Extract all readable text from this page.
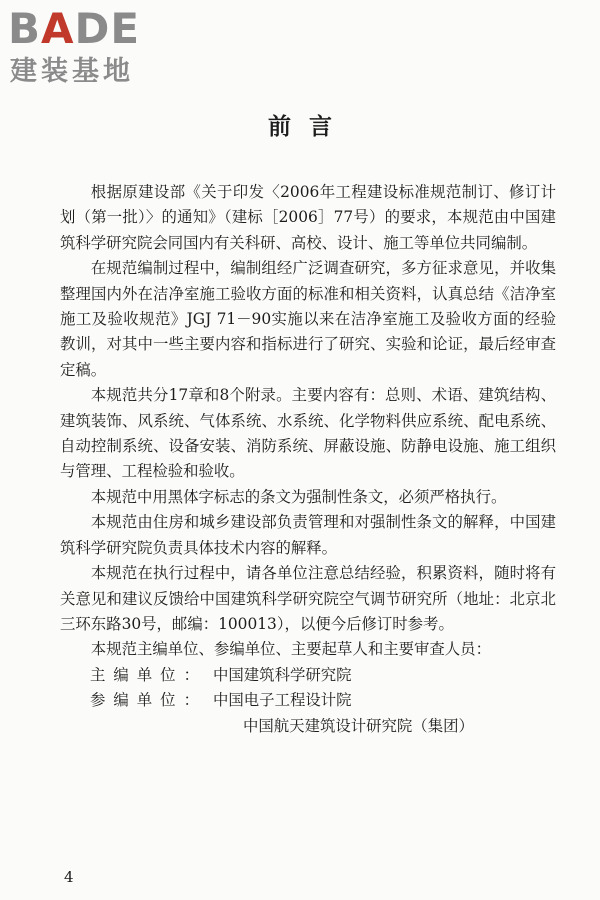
BADE
建装基地
前言

根据原建设部《关于印发〈2006年工程建设标准规范制订、修订计划（第一批）〉的通知》（建标［2006］77号）的要求，本规范由中国建筑科学研究院会同国内有关科研、高校、设计、施工等单位共同编制。

在规范编制过程中，编制组经广泛调查研究，多方征求意见，并收集整理国内外在洁净室施工验收方面的标准和相关资料，认真总结《洁净室施工及验收规范》JGJ 71－90实施以来在洁净室施工及验收方面的经验教训，对其中一些主要内容和指标进行了研究、实验和论证，最后经审查定稿。

本规范共分17章和8个附录。主要内容有：总则、术语、建筑结构、建筑装饰、风系统、气体系统、水系统、化学物料供应系统、配电系统、自动控制系统、设备安装、消防系统、屏蔽设施、防静电设施、施工组织与管理、工程检验和验收。

本规范中用黑体字标志的条文为强制性条文，必须严格执行。

本规范由住房和城乡建设部负责管理和对强制性条文的解释，中国建筑科学研究院负责具体技术内容的解释。

本规范在执行过程中，请各单位注意总结经验，积累资料，随时将有关意见和建议反馈给中国建筑科学研究院空气调节研究所（地址：北京北三环东路30号，邮编：100013），以便今后修订时参考。

本规范主编单位、参编单位、主要起草人和主要审查人员：

主编单位： 中国建筑科学研究院
参编单位： 中国电子工程设计院
中国航天建筑设计研究院（集团）
4
